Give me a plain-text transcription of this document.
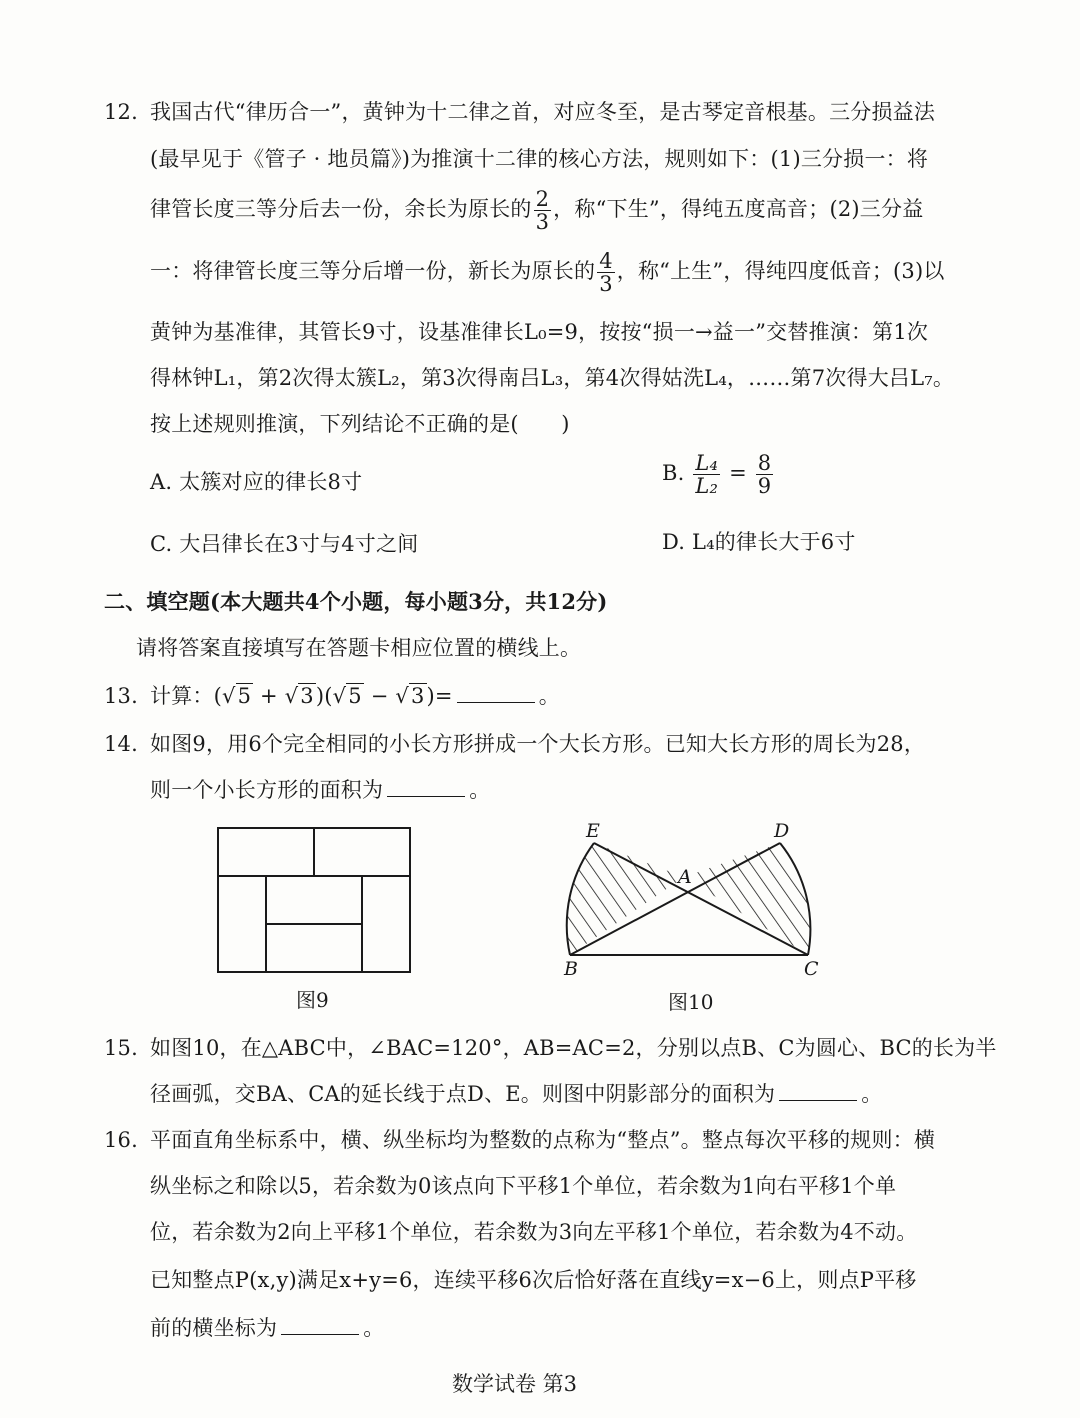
12. 我国古代“律历合一”，黄钟为十二律之首，对应冬至，是古琴定音根基。三分损益法
(最早见于《管子 · 地员篇》)为推演十二律的核心方法，规则如下：(1)三分损一：将
律管长度三等分后去一份，余长为原长的 $\frac{2}{3}$ ，称“下生”，得纯五度高音；(2)三分益
一：将律管长度三等分后增一份，新长为原长的 $\frac{4}{3}$ ，称“上生”，得纯四度低音；(3)以
黄钟为基准律，其管长9寸，设基准律长L₀=9，按按“损一→益一”交替推演：第1次
得林钟L₁，第2次得太簇L₂，第3次得南吕L₃，第4次得姑洗L₄，……第7次得大吕L₇。
按上述规则推演，下列结论不正确的是(　　)
A. 太簇对应的律长8寸	B. $\frac{\text{L₄}}{\text{L₂}} = \frac{8}{9}$
C. 大吕律长在3寸与4寸之间	D. L₄的律长大于6寸
二、填空题(本大题共4个小题，每小题3分，共12分)
请将答案直接填写在答题卡相应位置的横线上。
13. 计算：(√5 + √3)(√5 − √3)=	。
14. 如图9，用6个完全相同的小长方形拼成一个大长方形。已知大长方形的周长为28，
则一个小长方形的面积为	。
图9
E	D
A
B	C
图10
15. 如图10，在△ABC中，∠BAC=120°，AB=AC=2，分别以点B、C为圆心、BC的长为半
径画弧，交BA、CA的延长线于点D、E。则图中阴影部分的面积为	。
16. 平面直角坐标系中，横、纵坐标均为整数的点称为“整点”。整点每次平移的规则：横
纵坐标之和除以5，若余数为0该点向下平移1个单位，若余数为1向右平移1个单
位，若余数为2向上平移1个单位，若余数为3向左平移1个单位，若余数为4不动。
已知整点P(x,y)满足x+y=6，连续平移6次后恰好落在直线y=x−6上，则点P平移
前的横坐标为	。
数学试卷 第3
